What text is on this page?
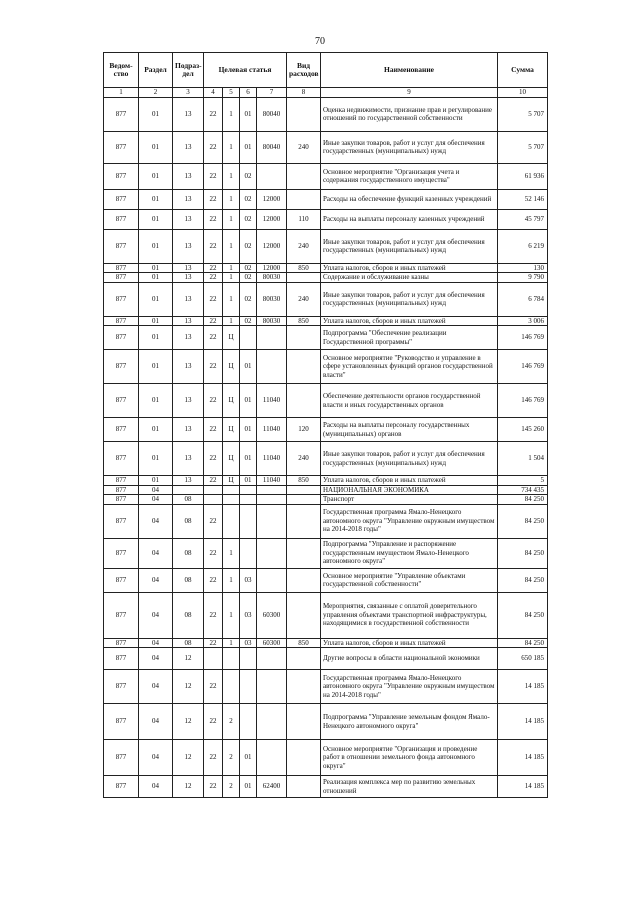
70
Ведом-ство	Раздел	Подраз-дел	Целевая статья				Вид расходов	Наименование	Сумма
1	2	3	4	5	6	7	8	9	10
877	01	13	22	1	01	80040		Оценка недвижимости, признание прав и регулирование отношений по государственной собственности	5 707
877	01	13	22	1	01	80040	240	Иные закупки товаров, работ и услуг для обеспечения государственных (муниципальных) нужд	5 707
877	01	13	22	1	02			Основное мероприятие "Организация учета и содержания государственного имущества"	61 936
877	01	13	22	1	02	12000		Расходы на обеспечение функций казенных учреждений	52 146
877	01	13	22	1	02	12000	110	Расходы на выплаты персоналу казенных учреждений	45 797
877	01	13	22	1	02	12000	240	Иные закупки товаров, работ и услуг для обеспечения государственных (муниципальных) нужд	6 219
877	01	13	22	1	02	12000	850	Уплата налогов, сборов и иных платежей	130
877	01	13	22	1	02	80030		Содержание и обслуживание казны	9 790
877	01	13	22	1	02	80030	240	Иные закупки товаров, работ и услуг для обеспечения государственных (муниципальных) нужд	6 784
877	01	13	22	1	02	80030	850	Уплата налогов, сборов и иных платежей	3 006
877	01	13	22	Ц				Подпрограмма "Обеспечение реализации Государственной программы"	146 769
877	01	13	22	Ц	01			Основное мероприятие "Руководство и управление в сфере установленных функций органов государственной власти"	146 769
877	01	13	22	Ц	01	11040		Обеспечение деятельности органов государственной власти и иных государственных органов	146 769
877	01	13	22	Ц	01	11040	120	Расходы на выплаты персоналу государственных (муниципальных) органов	145 260
877	01	13	22	Ц	01	11040	240	Иные закупки товаров, работ и услуг для обеспечения государственных (муниципальных) нужд	1 504
877	01	13	22	Ц	01	11040	850	Уплата налогов, сборов и иных платежей	5
877	04							НАЦИОНАЛЬНАЯ ЭКОНОМИКА	734 435
877	04	08						Транспорт	84 250
877	04	08	22					Государственная программа Ямало-Ненецкого автономного округа "Управление окружным имуществом на 2014-2018 годы"	84 250
877	04	08	22	1				Подпрограмма "Управление и распоряжение государственным имуществом Ямало-Ненецкого автономного округа"	84 250
877	04	08	22	1	03			Основное мероприятие "Управление объектами государственной собственности"	84 250
877	04	08	22	1	03	60300		Мероприятия, связанные с оплатой доверительного управления объектами транспортной инфраструктуры, находящимися в государственной собственности	84 250
877	04	08	22	1	03	60300	850	Уплата налогов, сборов и иных платежей	84 250
877	04	12						Другие вопросы в области национальной экономики	650 185
877	04	12	22					Государственная программа Ямало-Ненецкого автономного округа "Управление окружным имуществом на 2014-2018 годы"	14 185
877	04	12	22	2				Подпрограмма "Управление земельным фондом Ямало-Ненецкого автономного округа"	14 185
877	04	12	22	2	01			Основное мероприятие "Организация и проведение работ в отношении земельного фонда автономного округа"	14 185
877	04	12	22	2	01	62400		Реализация комплекса мер по развитию земельных отношений	14 185
